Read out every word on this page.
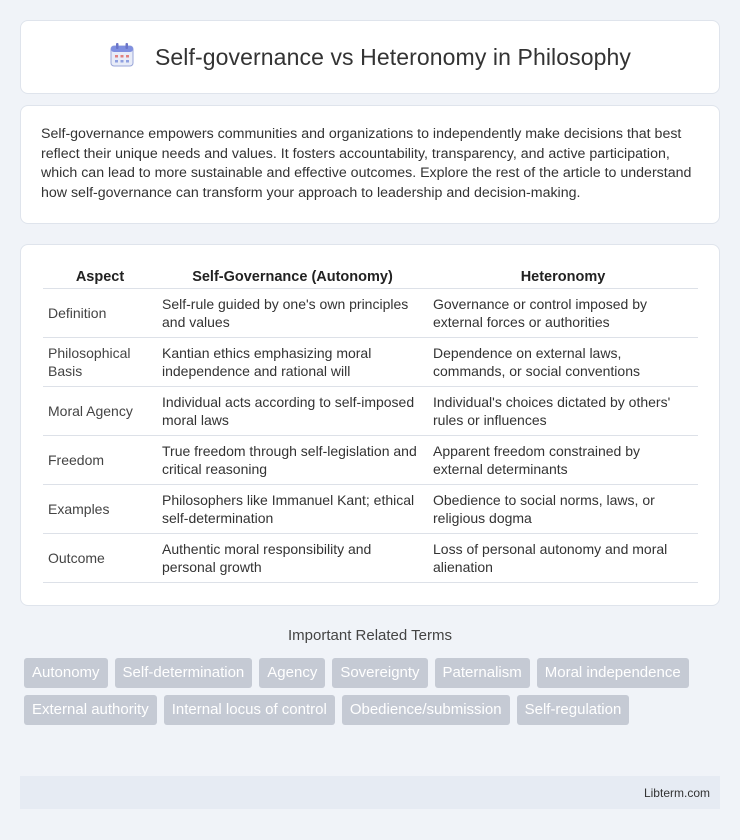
Self-governance vs Heteronomy in Philosophy

Self-governance empowers communities and organizations to independently make decisions that best reflect their unique needs and values. It fosters accountability, transparency, and active participation, which can lead to more sustainable and effective outcomes. Explore the rest of the article to understand how self-governance can transform your approach to leadership and decision-making.

Aspect	Self-Governance (Autonomy)	Heteronomy
Definition	Self-rule guided by one's own principles and values	Governance or control imposed by external forces or authorities
Philosophical Basis	Kantian ethics emphasizing moral independence and rational will	Dependence on external laws, commands, or social conventions
Moral Agency	Individual acts according to self-imposed moral laws	Individual's choices dictated by others' rules or influences
Freedom	True freedom through self-legislation and critical reasoning	Apparent freedom constrained by external determinants
Examples	Philosophers like Immanuel Kant; ethical self-determination	Obedience to social norms, laws, or religious dogma
Outcome	Authentic moral responsibility and personal growth	Loss of personal autonomy and moral alienation
Important Related Terms
Autonomy	Self-determination	Agency	Sovereignty	Paternalism	Moral independence
External authority	Internal locus of control	Obedience/submission	Self-regulation
Libterm.com
